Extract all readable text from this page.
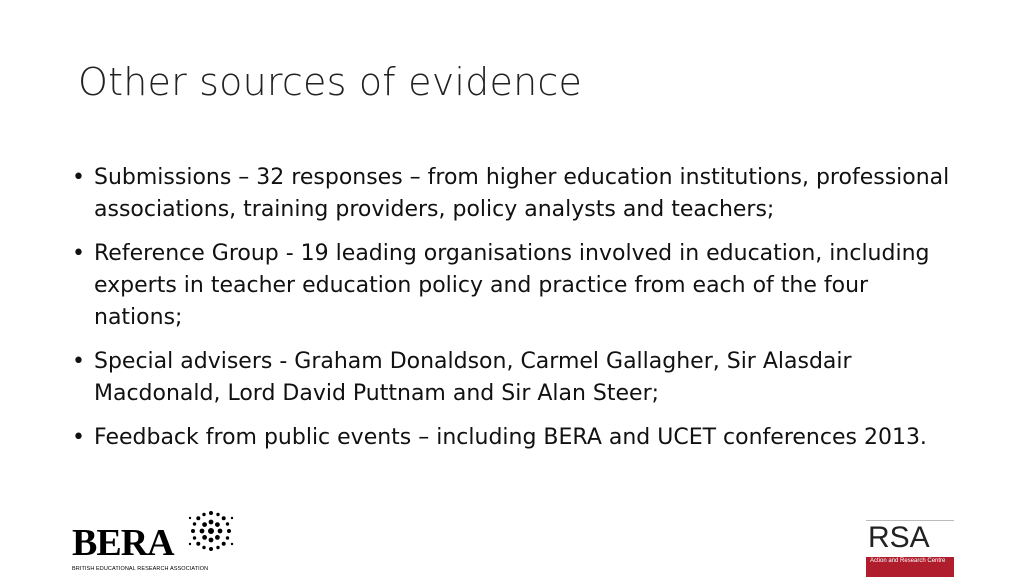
Other sources of evidence
• Submissions – 32 responses – from higher education institutions, professional associations, training providers, policy analysts and teachers;
• Reference Group - 19 leading organisations involved in education, including experts in teacher education policy and practice from each of the four nations;
• Special advisers - Graham Donaldson, Carmel Gallagher, Sir Alasdair Macdonald, Lord David Puttnam and Sir Alan Steer;
• Feedback from public events – including BERA and UCET conferences 2013.
BERA
BRITISH EDUCATIONAL RESEARCH ASSOCIATION
RSA
Action and Research Centre
